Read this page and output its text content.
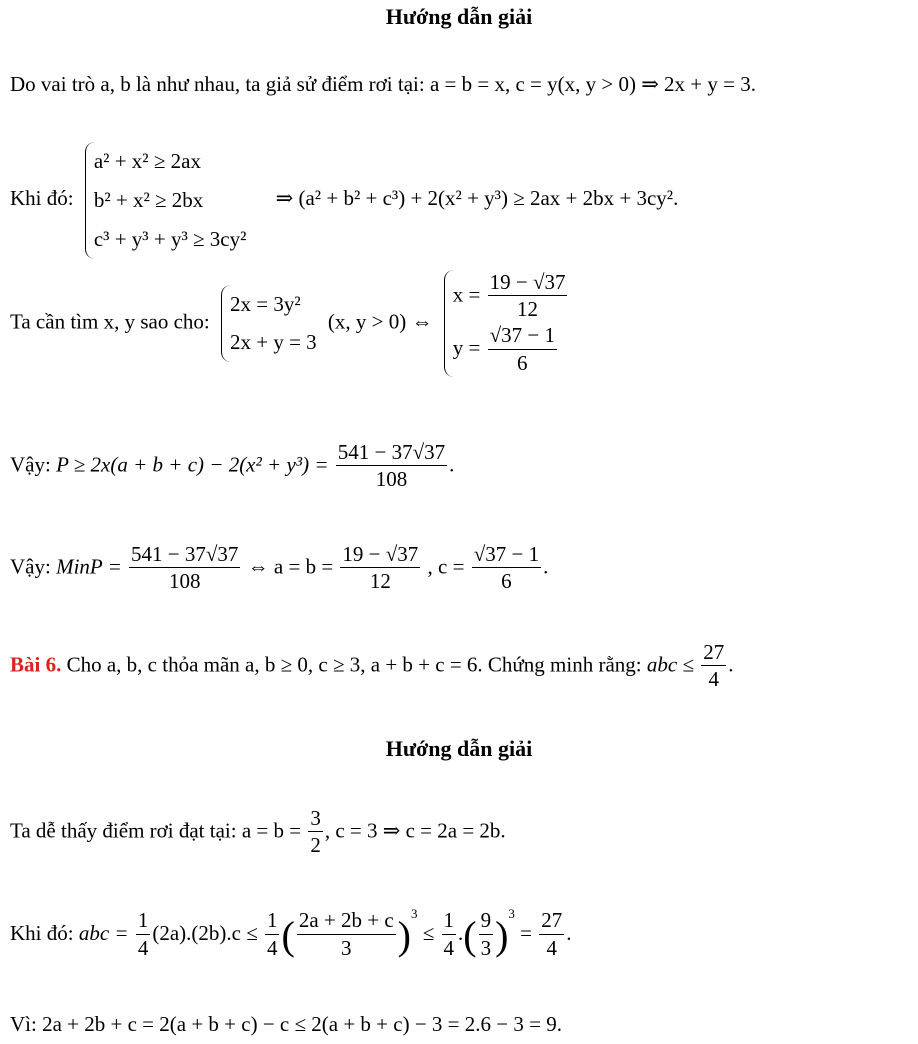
Hướng dẫn giải
Do vai trò a, b là như nhau, ta giả sử điểm rơi tại: a = b = x, c = y(x, y > 0) ⇒ 2x + y = 3.
Khi đó:
a² + x² ≥ 2ax
b² + x² ≥ 2bx
c³ + y³ + y³ ≥ 3cy²
⇒ (a² + b² + c³) + 2(x² + y³) ≥ 2ax + 2bx + 3cy².
Ta cần tìm x, y sao cho:
2x = 3y²
2x + y = 3
(x, y > 0) ⇔
$x = \frac{19 - √37}{12}$
$y = \frac{√37 - 1}{6}$
Vậy: $P \ge 2x(a + b + c) - 2(x^2 + y^3) = \frac{541 - 37√37}{108}$ .
Vậy: MinP = $\frac{541 - 37√37}{108}$ ⇔ $a = b = \frac{19 - √37}{12}$ , $c = \frac{√37 - 1}{6}$ .
Bài 6. Cho a, b, c thỏa mãn a, b ≥ 0, c ≥ 3, a + b + c = 6. Chứng minh rằng: abc ≤ $\frac{27}{4}$ .
Hướng dẫn giải
Ta dễ thấy điểm rơi đạt tại: $a = b = \frac{3}{2}$ , c = 3 ⇒ c = 2a = 2b.
Khi đó: abc = $\frac{1}{4} (2a).(2b).c \le \frac{1}{4}$ ( $\frac{2a + 2b + c}{3} )^3 \le \frac{1}{4}$ .( $\frac{9}{3} )^3 = \frac{27}{4}$ .
Vì: 2a + 2b + c = 2(a + b + c) − c ≤ 2(a + b + c) − 3 = 2.6 − 3 = 9.
